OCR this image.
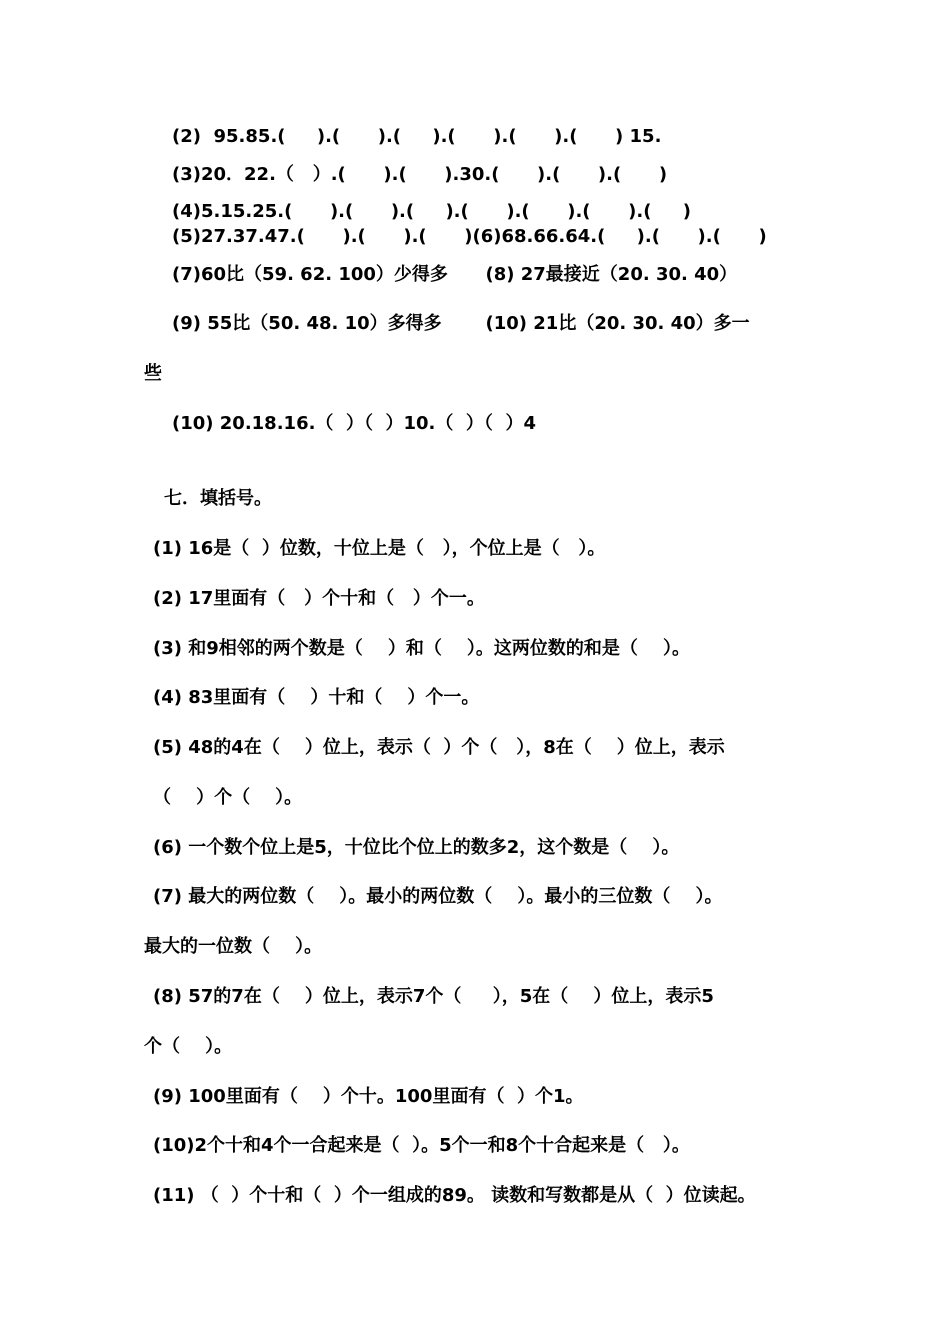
(2)  95.85.(     ).(      ).(     ).(      ).(      ).(      ) 15.
(3)20．22.（   ）.(      ).(      ).30.(      ).(      ).(      )
(4)5.15.25.(      ).(      ).(     ).(      ).(      ).(      ).(     )
(5)27.37.47.(      ).(      ).(      )(6)68.66.64.(     ).(      ).(      )
(7)60比（59. 62. 100）少得多      (8) 27最接近（20. 30. 40）
(9) 55比（50. 48. 10）多得多       (10) 21比（20. 30. 40）多一
些
(10) 20.18.16.（  ）（  ）10.（  ）（  ）4
七．填括号。
(1) 16是（  ）位数，十位上是（   ），个位上是（   ）。
(2) 17里面有（   ）个十和（   ）个一。
(3) 和9相邻的两个数是（    ）和（    ）。这两位数的和是（    ）。
(4) 83里面有（    ）十和（    ）个一。
(5) 48的4在（    ）位上，表示（  ）个（   ），8在（    ）位上，表示
（    ）个（    ）。
(6) 一个数个位上是5，十位比个位上的数多2，这个数是（    ）。
(7) 最大的两位数（    ）。最小的两位数（    ）。最小的三位数（    ）。
最大的一位数（    ）。
(8) 57的7在（    ）位上，表示7个（     ），5在（    ）位上，表示5
个（    ）。
(9) 100里面有（    ）个十。100里面有（  ）个1。
(10)2个十和4个一合起来是（  ）。5个一和8个十合起来是（   ）。
(11) （  ）个十和（  ）个一组成的89。 读数和写数都是从（  ）位读起。
